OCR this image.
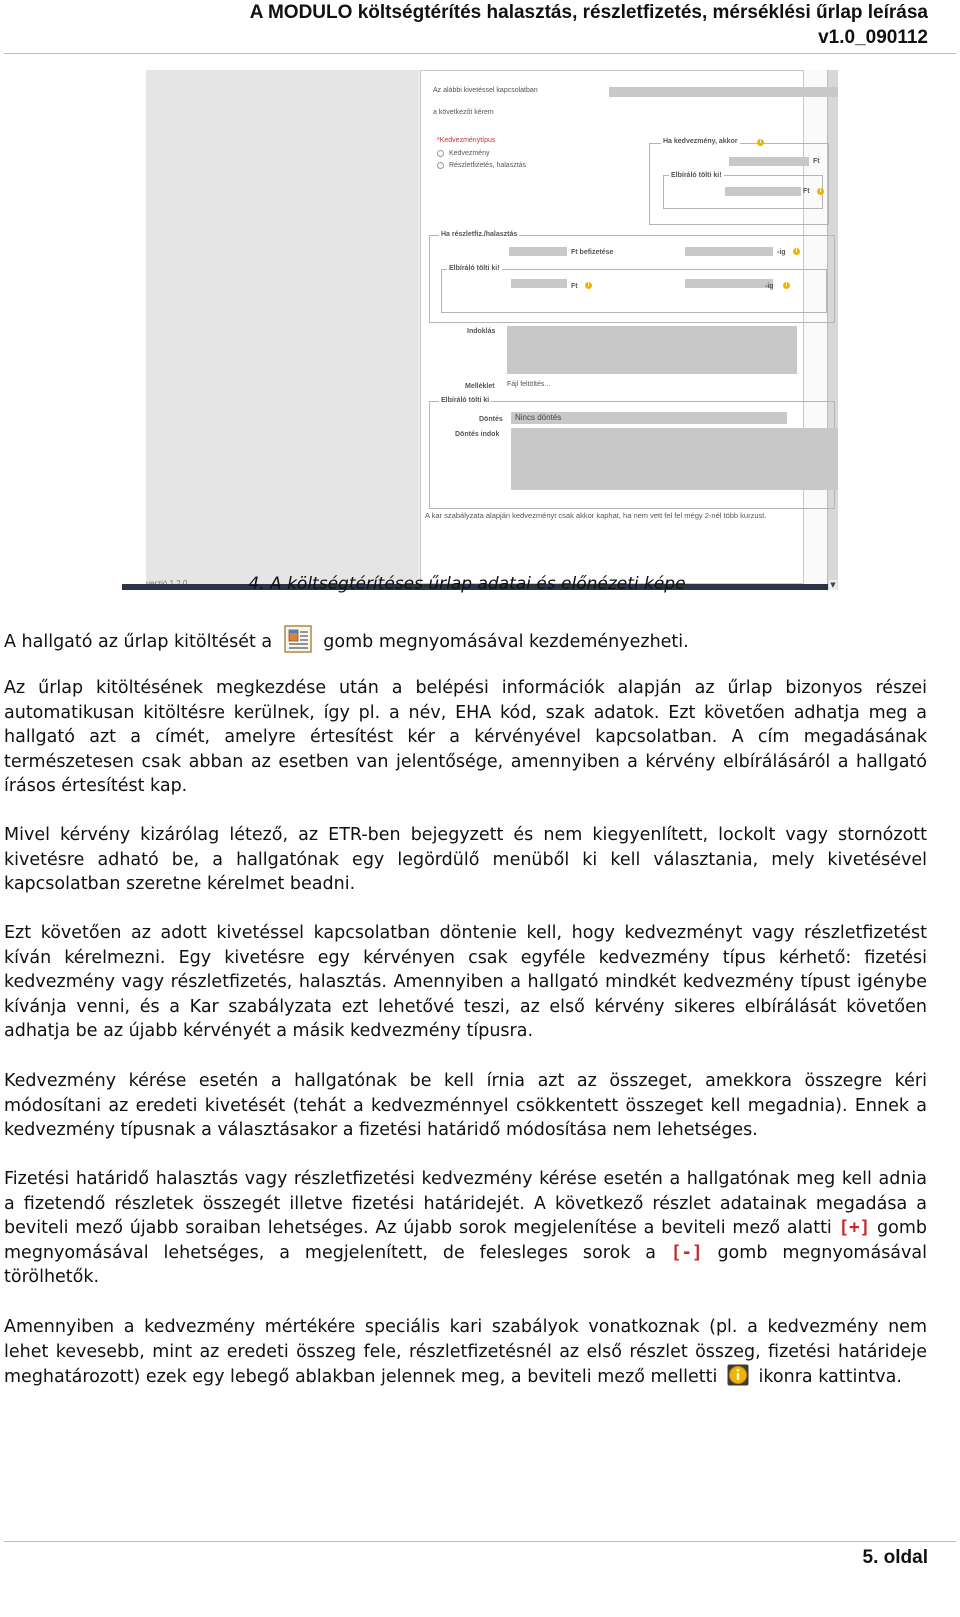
A MODULO költségtérítés halasztás, részletfizetés, mérséklési űrlap leírása
v1.0_090112
▼
Az alábbi kivetéssel kapcsolatban
a következőt kérem
*Kedvezménytípus
Kedvezmény
Részletfizetés, halasztás
Ha kedvezmény, akkor	i
Ft
Elbíráló tölti ki!
Ft	i
Ha részletfiz./halasztás
Ft befizetése	-ig	i
Elbíráló tölti ki!
Ft	i	-ig	i
Indoklás
Melléklet Fájl feltöltés...
Elbíráló tölti ki
Döntés	Nincs döntés
Döntés indok
A kar szabályzata alapján kedvezményt csak akkor kaphat, ha nem vett fel fel mégy 2-nél több kurzust.
4. A költségtérítéses űrlap adatai és előnézeti képe
A hallgató az űrlap kitöltését a	gomb megnyomásával kezdeményezheti.
Az űrlap kitöltésének megkezdése után a belépési információk alapján az űrlap bizonyos részei automatikusan kitöltésre kerülnek, így pl. a név, EHA kód, szak adatok. Ezt követően adhatja meg a hallgató azt a címét, amelyre értesítést kér a kérvényével kapcsolatban. A cím megadásának természetesen csak abban az esetben van jelentősége, amennyiben a kérvény elbírálásáról a hallgató írásos értesítést kap.
Mivel kérvény kizárólag létező, az ETR-ben bejegyzett és nem kiegyenlített, lockolt vagy stornózott kivetésre adható be, a hallgatónak egy legördülő menüből ki kell választania, mely kivetésével kapcsolatban szeretne kérelmet beadni.
Ezt követően az adott kivetéssel kapcsolatban döntenie kell, hogy kedvezményt vagy részletfizetést kíván kérelmezni. Egy kivetésre egy kérvényen csak egyféle kedvezmény típus kérhető: fizetési kedvezmény vagy részletfizetés, halasztás. Amennyiben a hallgató mindkét kedvezmény típust igénybe kívánja venni, és a Kar szabályzata ezt lehetővé teszi, az első kérvény sikeres elbírálását követően adhatja be az újabb kérvényét a másik kedvezmény típusra.
Kedvezmény kérése esetén a hallgatónak be kell írnia azt az összeget, amekkora összegre kéri módosítani az eredeti kivetését (tehát a kedvezménnyel csökkentett összeget kell megadnia). Ennek a kedvezmény típusnak a választásakor a fizetési határidő módosítása nem lehetséges.
Fizetési határidő halasztás vagy részletfizetési kedvezmény kérése esetén a hallgatónak meg kell adnia a fizetendő részletek összegét illetve fizetési határidejét. A következő részlet adatainak megadása a beviteli mező újabb soraiban lehetséges. Az újabb sorok megjelenítése a beviteli mező alatti [+] gomb megnyomásával lehetséges, a megjelenített, de felesleges sorok a [-] gomb megnyomásával törölhetők.
Amennyiben a kedvezmény mértékére speciális kari szabályok vonatkoznak (pl. a kedvezmény nem lehet kevesebb, mint az eredeti összeg fele, részletfizetésnél az első részlet összeg, fizetési határideje meghatározott) ezek egy lebegő ablakban jelennek meg, a beviteli mező melletti ikonra kattintva.
5. oldal
